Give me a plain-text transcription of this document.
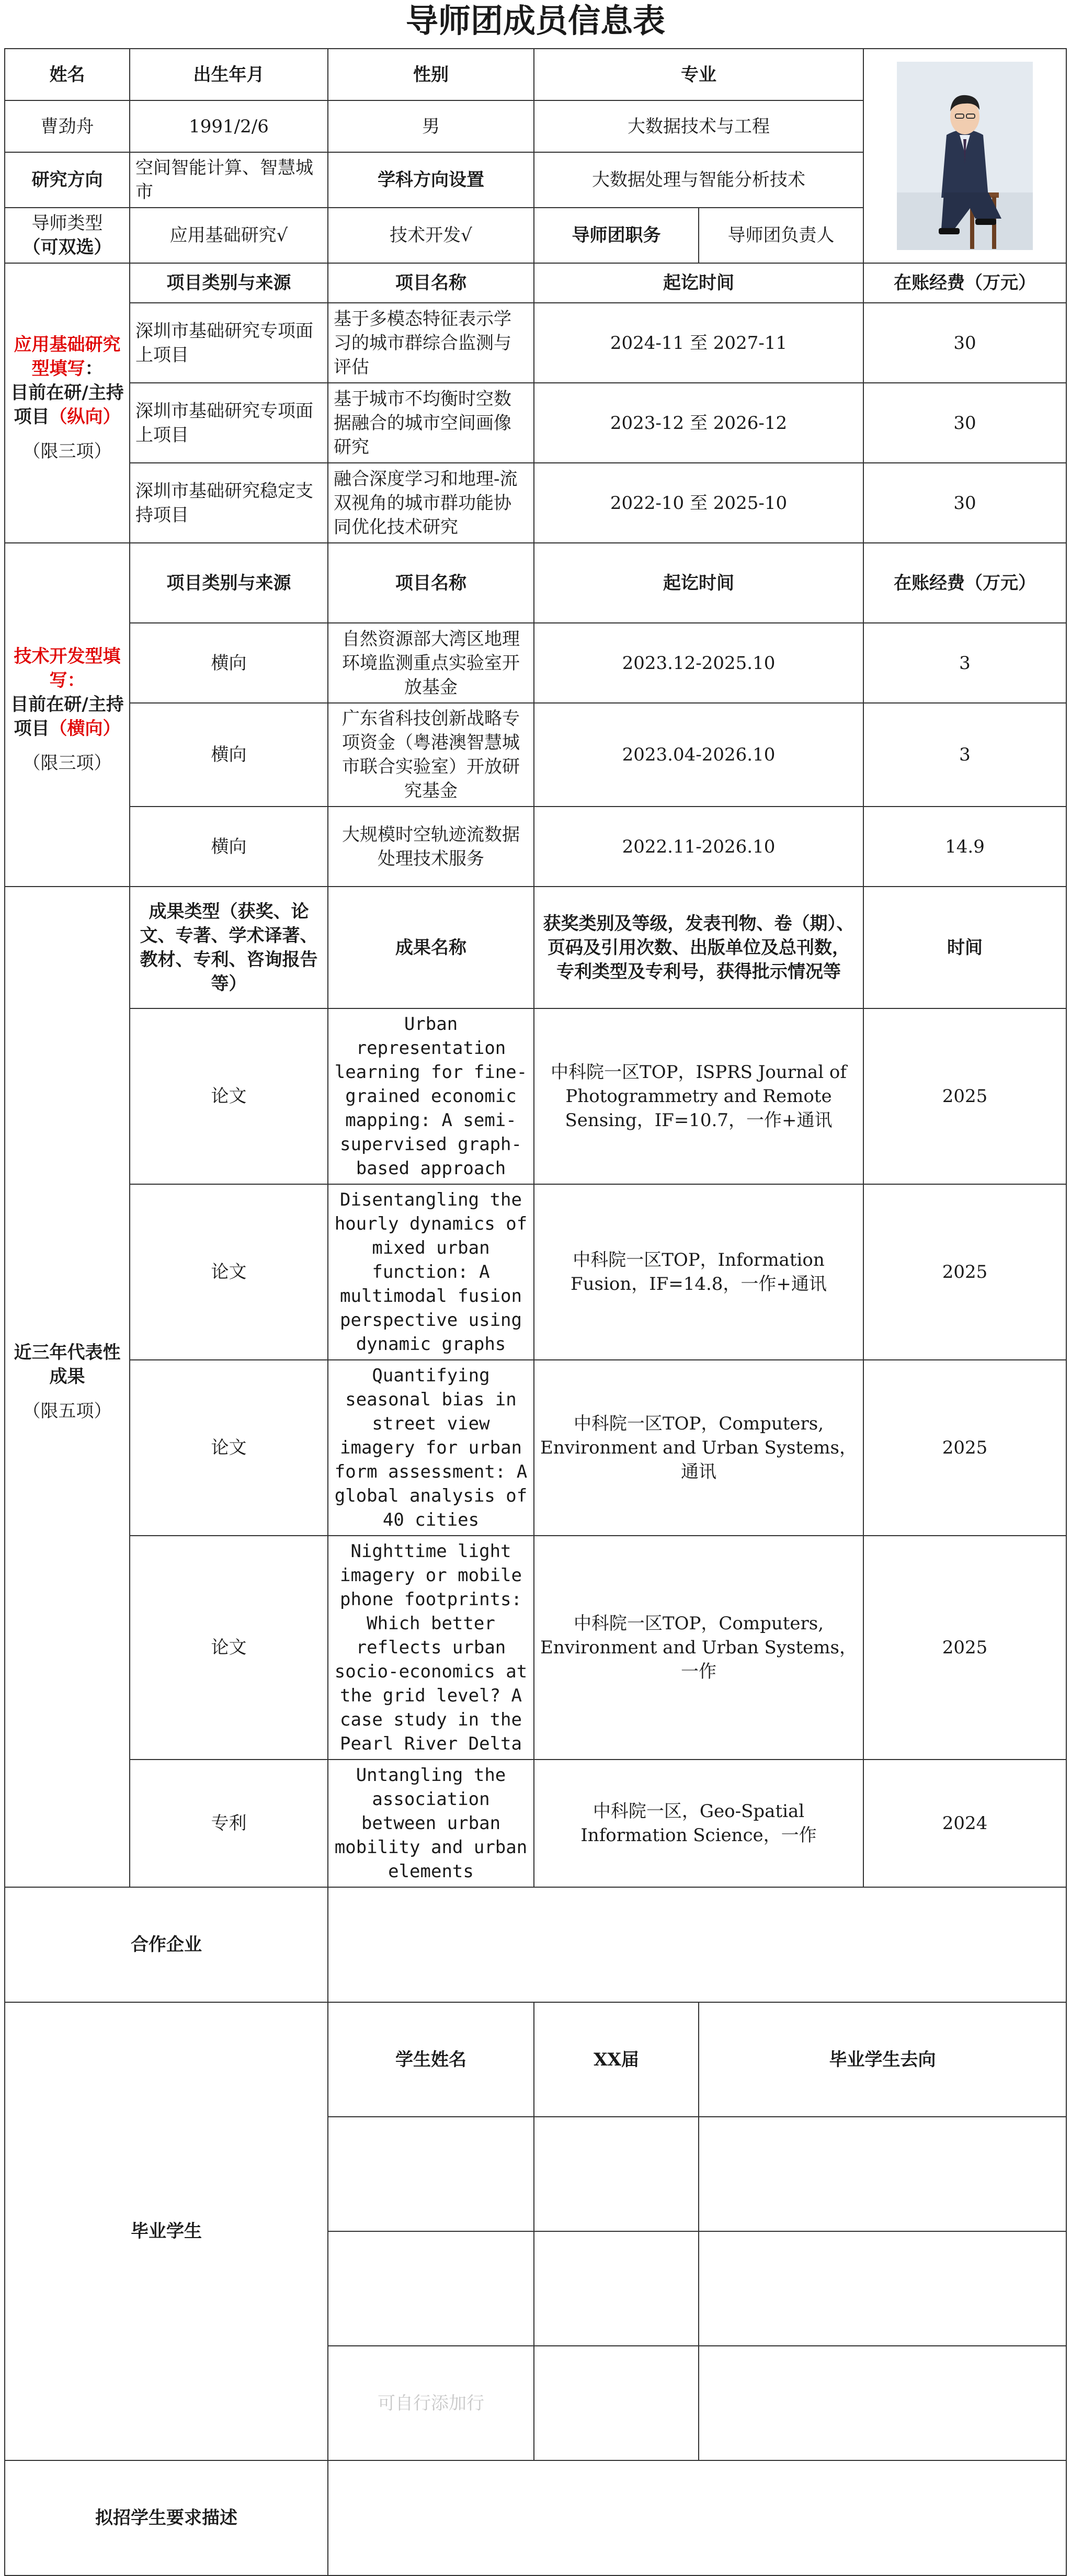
导师团成员信息表
姓名	出生年月	性别	专业	

曹劲舟	1991/2/6	男	大数据技术与工程		
研究方向	空间智能计算、智慧城市	学科方向设置	大数据处理与智能分析技术		

导师类型
（可双选）	应用基础研究√	技术开发√	导师团职务	导师团负责人	

应用基础研究型填写：
目前在研/主持项目（纵向）

（限三项）	项目类别与来源	项目名称	起讫时间		在账经费（万元）
	深圳市基础研究专项面上项目	基于多模态特征表示学习的城市群综合监测与评估	2024-11 至 2027-11		30
	深圳市基础研究专项面上项目	基于城市不均衡时空数据融合的城市空间画像研究	2023-12 至 2026-12		30
	深圳市基础研究稳定支持项目	融合深度学习和地理-流双视角的城市群功能协同优化技术研究	2022-10 至 2025-10		30

技术开发型填写：
目前在研/主持项目（横向）

（限三项）	项目类别与来源	项目名称	起讫时间		在账经费（万元）
	横向	自然资源部大湾区地理环境监测重点实验室开放基金	2023.12-2025.10		3
	横向	广东省科技创新战略专项资金（粤港澳智慧城市联合实验室）开放研究基金	2023.04-2026.10		3
	横向	大规模时空轨迹流数据处理技术服务	2022.11-2026.10		14.9

近三年代表性成果

（限五项）	成果类型（获奖、论文、专著、学术译著、教材、专利、咨询报告等）	成果名称	获奖类别及等级，发表刊物、卷（期）、页码及引用次数、出版单位及总刊数，专利类型及专利号，获得批示情况等		时间
	论文	Urban representation learning for fine-grained economic mapping: A semi-supervised graph-based approach	中科院一区TOP，ISPRS Journal of Photogrammetry and Remote Sensing，IF=10.7，一作+通讯		2025
	论文	Disentangling the hourly dynamics of mixed urban function: A multimodal fusion perspective using dynamic graphs	中科院一区TOP，Information Fusion，IF=14.8，一作+通讯		2025
	论文	Quantifying seasonal bias in street view imagery for urban form assessment: A global analysis of 40 cities	中科院一区TOP，Computers, Environment and Urban Systems，通讯		2025
	论文	Nighttime light imagery or mobile phone footprints: Which better reflects urban socio-economics at the grid level? A case study in the Pearl River Delta	中科院一区TOP，Computers, Environment and Urban Systems，一作		2025
	专利	Untangling the association between urban mobility and urban elements	中科院一区，Geo-Spatial Information Science，一作		2024
合作企业					
毕业学生		学生姓名	XX届	毕业学生去向	

		可自行添加行			
拟招学生要求描述					
